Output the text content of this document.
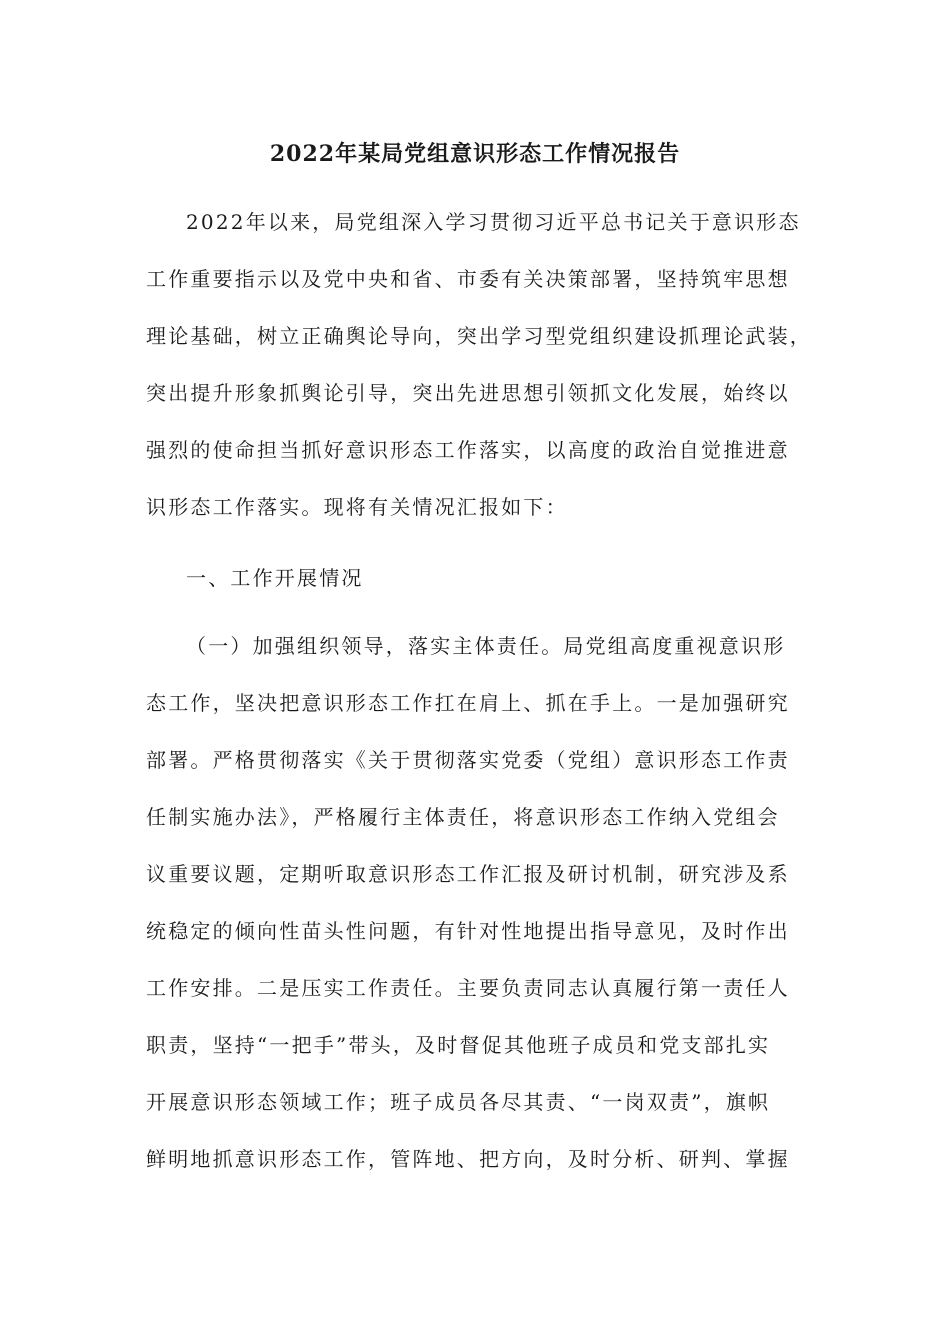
2022年某局党组意识形态工作情况报告
2022年以来，局党组深入学习贯彻习近平总书记关于意识形态
工作重要指示以及党中央和省、市委有关决策部署，坚持筑牢思想
理论基础，树立正确舆论导向，突出学习型党组织建设抓理论武装，
突出提升形象抓舆论引导，突出先进思想引领抓文化发展，始终以
强烈的使命担当抓好意识形态工作落实，以高度的政治自觉推进意
识形态工作落实。现将有关情况汇报如下：
一、工作开展情况
（一）加强组织领导，落实主体责任。局党组高度重视意识形
态工作，坚决把意识形态工作扛在肩上、抓在手上。一是加强研究
部署。严格贯彻落实《关于贯彻落实党委（党组）意识形态工作责
任制实施办法》，严格履行主体责任，将意识形态工作纳入党组会
议重要议题，定期听取意识形态工作汇报及研讨机制，研究涉及系
统稳定的倾向性苗头性问题，有针对性地提出指导意见，及时作出
工作安排。二是压实工作责任。主要负责同志认真履行第一责任人
职责，坚持“一把手”带头，及时督促其他班子成员和党支部扎实
开展意识形态领域工作；班子成员各尽其责、“一岗双责”，旗帜
鲜明地抓意识形态工作，管阵地、把方向，及时分析、研判、掌握
